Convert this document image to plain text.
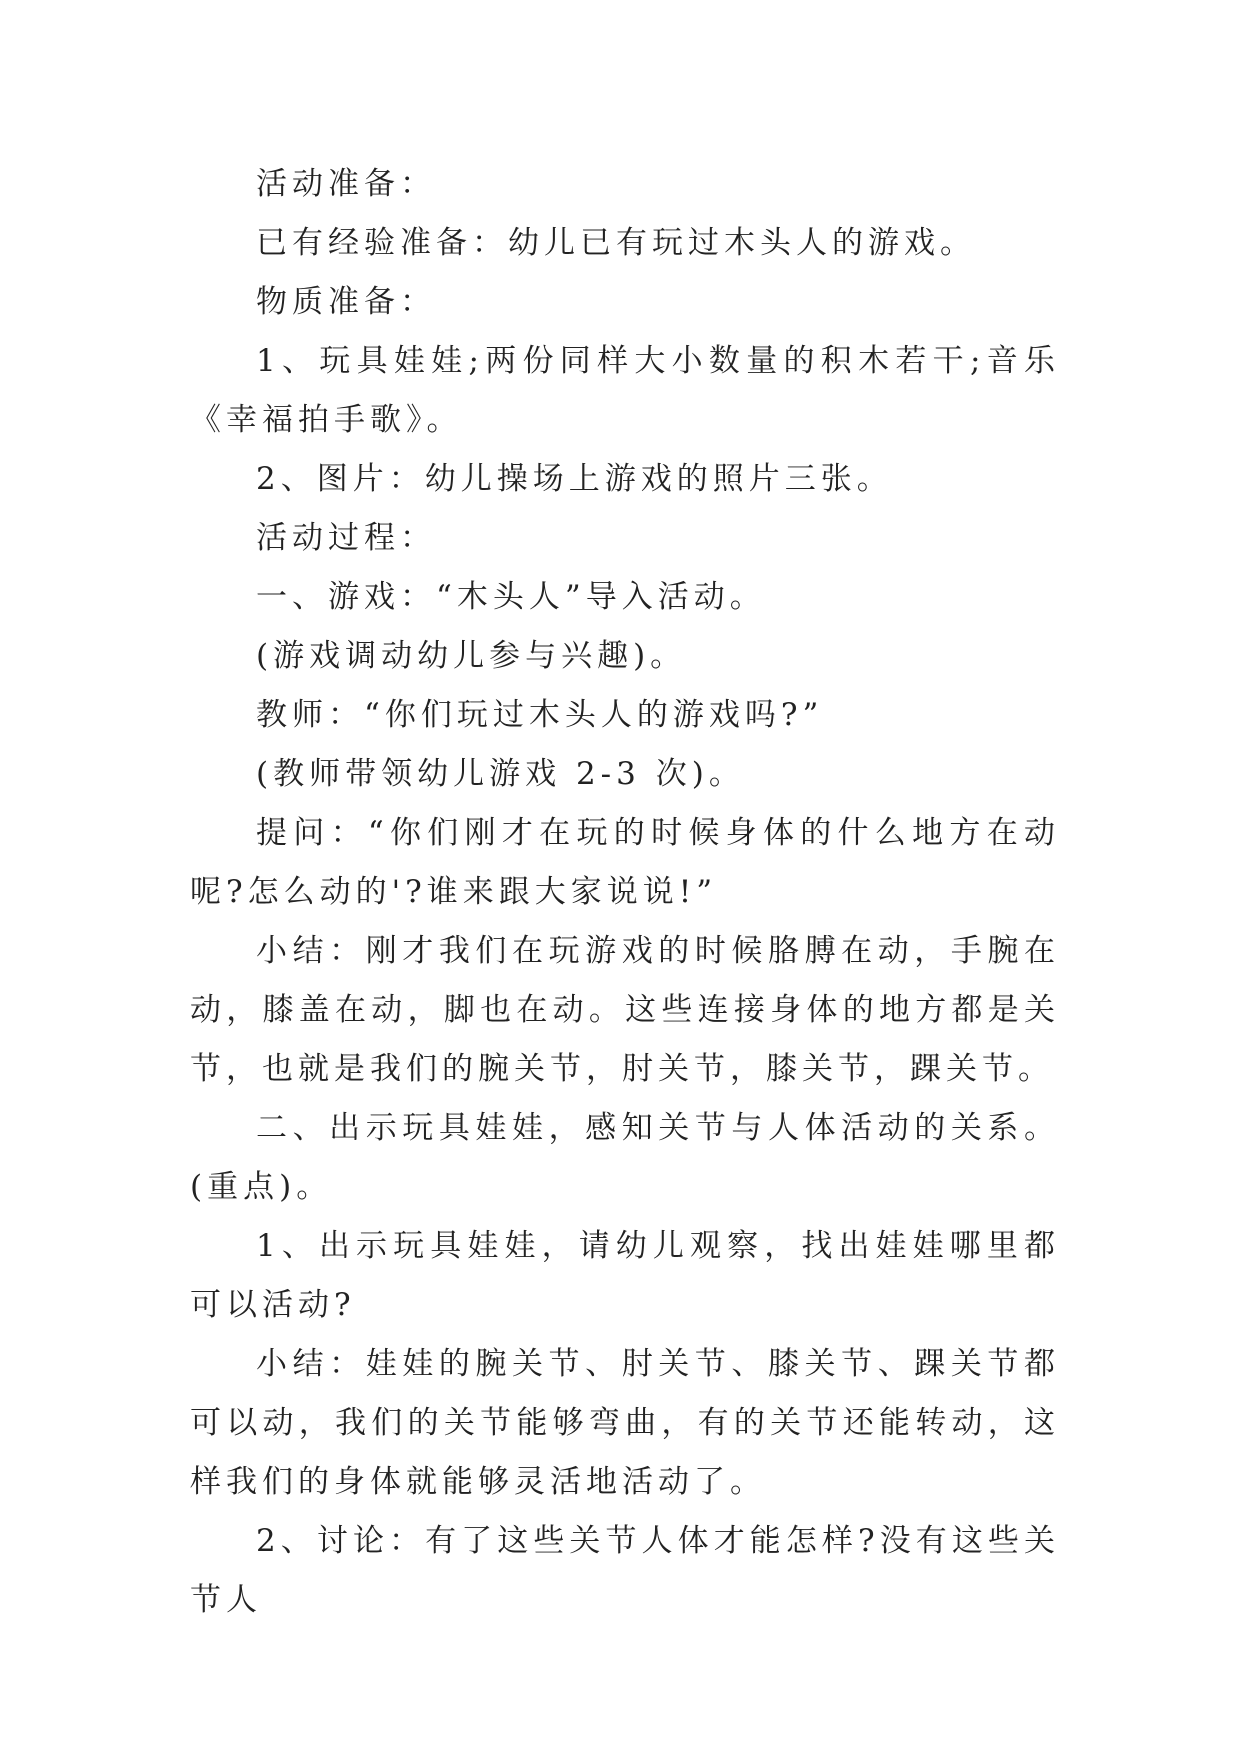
活动准备：

已有经验准备：幼儿已有玩过木头人的游戏。

物质准备：

1、玩具娃娃;两份同样大小数量的积木若干;音乐《幸福拍手歌》。

2、图片：幼儿操场上游戏的照片三张。

活动过程：

一、游戏：“木头人”导入活动。

(游戏调动幼儿参与兴趣)。

教师：“你们玩过木头人的游戏吗?”

(教师带领幼儿游戏 2-3 次)。

提问：“你们刚才在玩的时候身体的什么地方在动呢?怎么动的'?谁来跟大家说说!”

小结：刚才我们在玩游戏的时候胳膊在动，手腕在动，膝盖在动，脚也在动。这些连接身体的地方都是关节，也就是我们的腕关节，肘关节，膝关节，踝关节。

二、出示玩具娃娃，感知关节与人体活动的关系。(重点)。

1、出示玩具娃娃，请幼儿观察，找出娃娃哪里都可以活动?

小结：娃娃的腕关节、肘关节、膝关节、踝关节都可以动，我们的关节能够弯曲，有的关节还能转动，这样我们的身体就能够灵活地活动了。

2、讨论：有了这些关节人体才能怎样?没有这些关节人
